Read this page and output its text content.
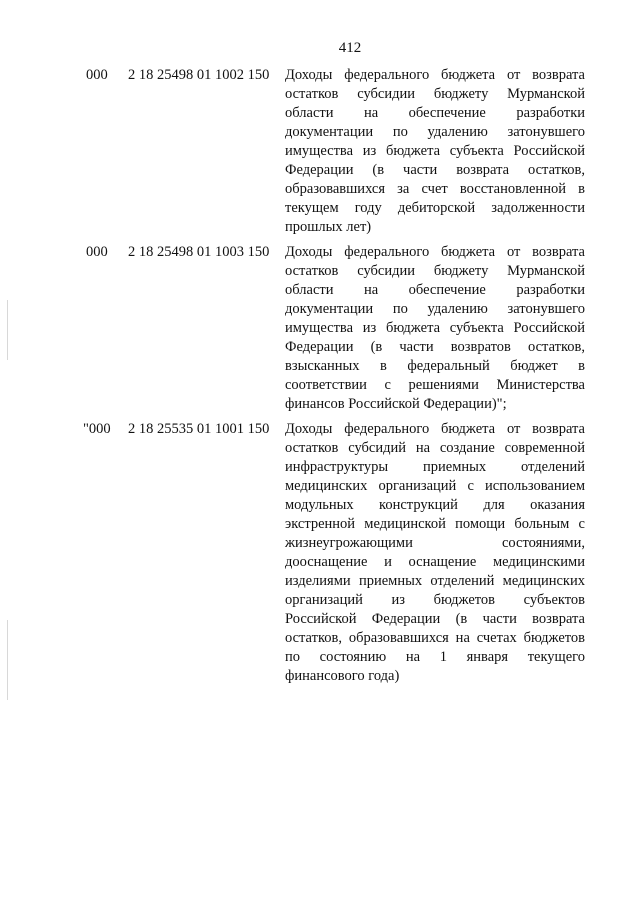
412
000 2 18 25498 01 1002 150 Доходы федерального бюджета от возврата
остатков субсидии бюджету Мурманской
области на обеспечение разработки
документации по удалению затонувшего
имущества из бюджета субъекта Российской
Федерации (в части возврата остатков,
образовавшихся за счет восстановленной в
текущем году дебиторской задолженности
прошлых лет)
000 2 18 25498 01 1003 150 Доходы федерального бюджета от возврата
остатков субсидии бюджету Мурманской
области на обеспечение разработки
документации по удалению затонувшего
имущества из бюджета субъекта Российской
Федерации (в части возвратов остатков,
взысканных в федеральный бюджет в
соответствии с решениями Министерства
финансов Российской Федерации)";
"000 2 18 25535 01 1001 150 Доходы федерального бюджета от возврата
остатков субсидий на создание современной
инфраструктуры приемных отделений
медицинских организаций с использованием
модульных конструкций для оказания
экстренной медицинской помощи больным с
жизнеугрожающими состояниями,
дооснащение и оснащение медицинскими
изделиями приемных отделений медицинских
организаций из бюджетов субъектов
Российской Федерации (в части возврата
остатков, образовавшихся на счетах бюджетов
по состоянию на 1 января текущего
финансового года)
